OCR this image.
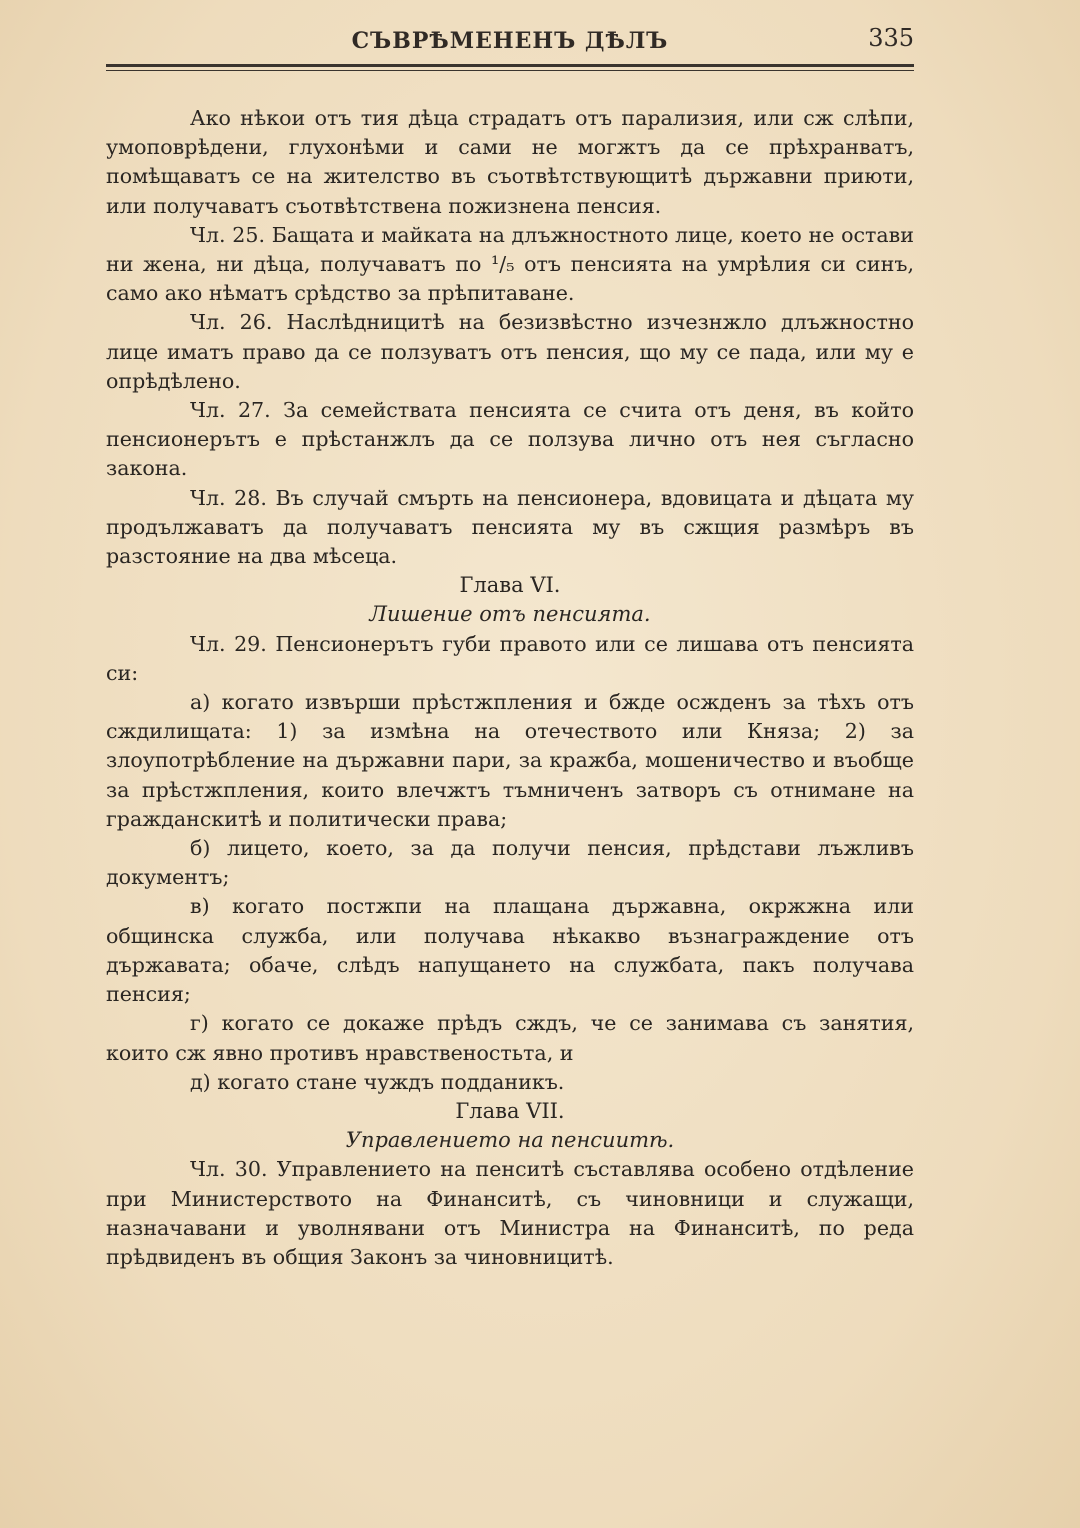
СЪВРѢМЕНЕНЪ ДѢЛЪ	335

Ако нѣкои отъ тия дѣца страдатъ отъ парализия, или сж слѣпи, умоповрѣдени, глухонѣми и сами не могжтъ да се прѣхранватъ, помѣщаватъ се на жителство въ съотвѣтствующитѣ държавни приюти, или получаватъ съотвѣтствена пожизнена пенсия.

Чл. 25. Бащата и майката на длъжностното лице, което не остави ни жена, ни дѣца, получаватъ по ¹/₅ отъ пенсията на умрѣлия си синъ, само ако нѣматъ срѣдство за прѣпитаване.

Чл. 26. Наслѣдницитѣ на безизвѣстно изчезнжло длъжностно лице иматъ право да се ползуватъ отъ пенсия, що му се пада, или му е опрѣдѣлено.

Чл. 27. За семействата пенсията се счита отъ деня, въ който пенсионерътъ е прѣстанжлъ да се ползува лично отъ нея съгласно закона.

Чл. 28. Въ случай смърть на пенсионера, вдовицата и дѣцата му продължаватъ да получаватъ пенсията му въ сжщия размѣръ въ разстояние на два мѣсеца.

Глава VI.

Лишение отъ пенсията.

Чл. 29. Пенсионерътъ губи правото или се лишава отъ пенсията си:

а) когато извърши прѣстжпления и бжде осжденъ за тѣхъ отъ сждилищата: 1) за измѣна на отечеството или Княза; 2) за злоупотрѣбление на държавни пари, за кражба, мошеничество и въобще за прѣстжпления, които влечжтъ тъмниченъ затворъ съ отнимане на гражданскитѣ и политически права;

б) лицето, което, за да получи пенсия, прѣдстави лъжливъ документъ;

в) когато постжпи на плащана държавна, окржжна или общинска служба, или получава нѣкакво възнаграждение отъ държавата; обаче, слѣдъ напущането на службата, пакъ получава пенсия;

г) когато се докаже прѣдъ сждъ, че се занимава съ занятия, които сж явно противъ нравственостьта, и

д) когато стане чуждъ подданикъ.

Глава VII.

Управлението на пенсиитѣ.

Чл. 30. Управлението на пенситѣ съставлява особено отдѣление при Министерството на Финанситѣ, съ чиновници и служащи, назначавани и уволнявани отъ Министра на Финанситѣ, по реда прѣдвиденъ въ общия Законъ за чиновницитѣ.
